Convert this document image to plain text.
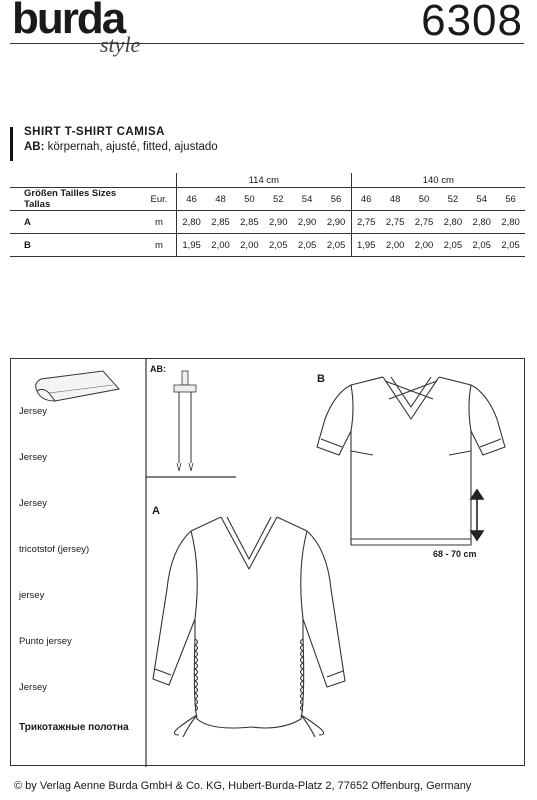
burda
style	6308
SHIRT T-SHIRT CAMISA
AB: körpernah, ajusté, fitted, ajustado
		114 cm						140 cm					
Größen Tailles Sizes Tallas	Eur.	46	48	50	52	54	56	46	48	50	52	54	56
A	m	2,80	2,85	2,85	2,90	2,90	2,90	2,75	2,75	2,75	2,80	2,80	2,80
B	m	1,95	2,00	2,00	2,05	2,05	2,05	1,95	2,00	2,00	2,05	2,05	2,05
Jersey
Jersey
Jersey
tricotstof (jersey)
jersey
Punto jersey
Jersey
Трикотажные полотна
AB:
A
B
68 - 70 cm
© by Verlag Aenne Burda GmbH & Co. KG, Hubert-Burda-Platz 2, 77652 Offenburg, Germany
